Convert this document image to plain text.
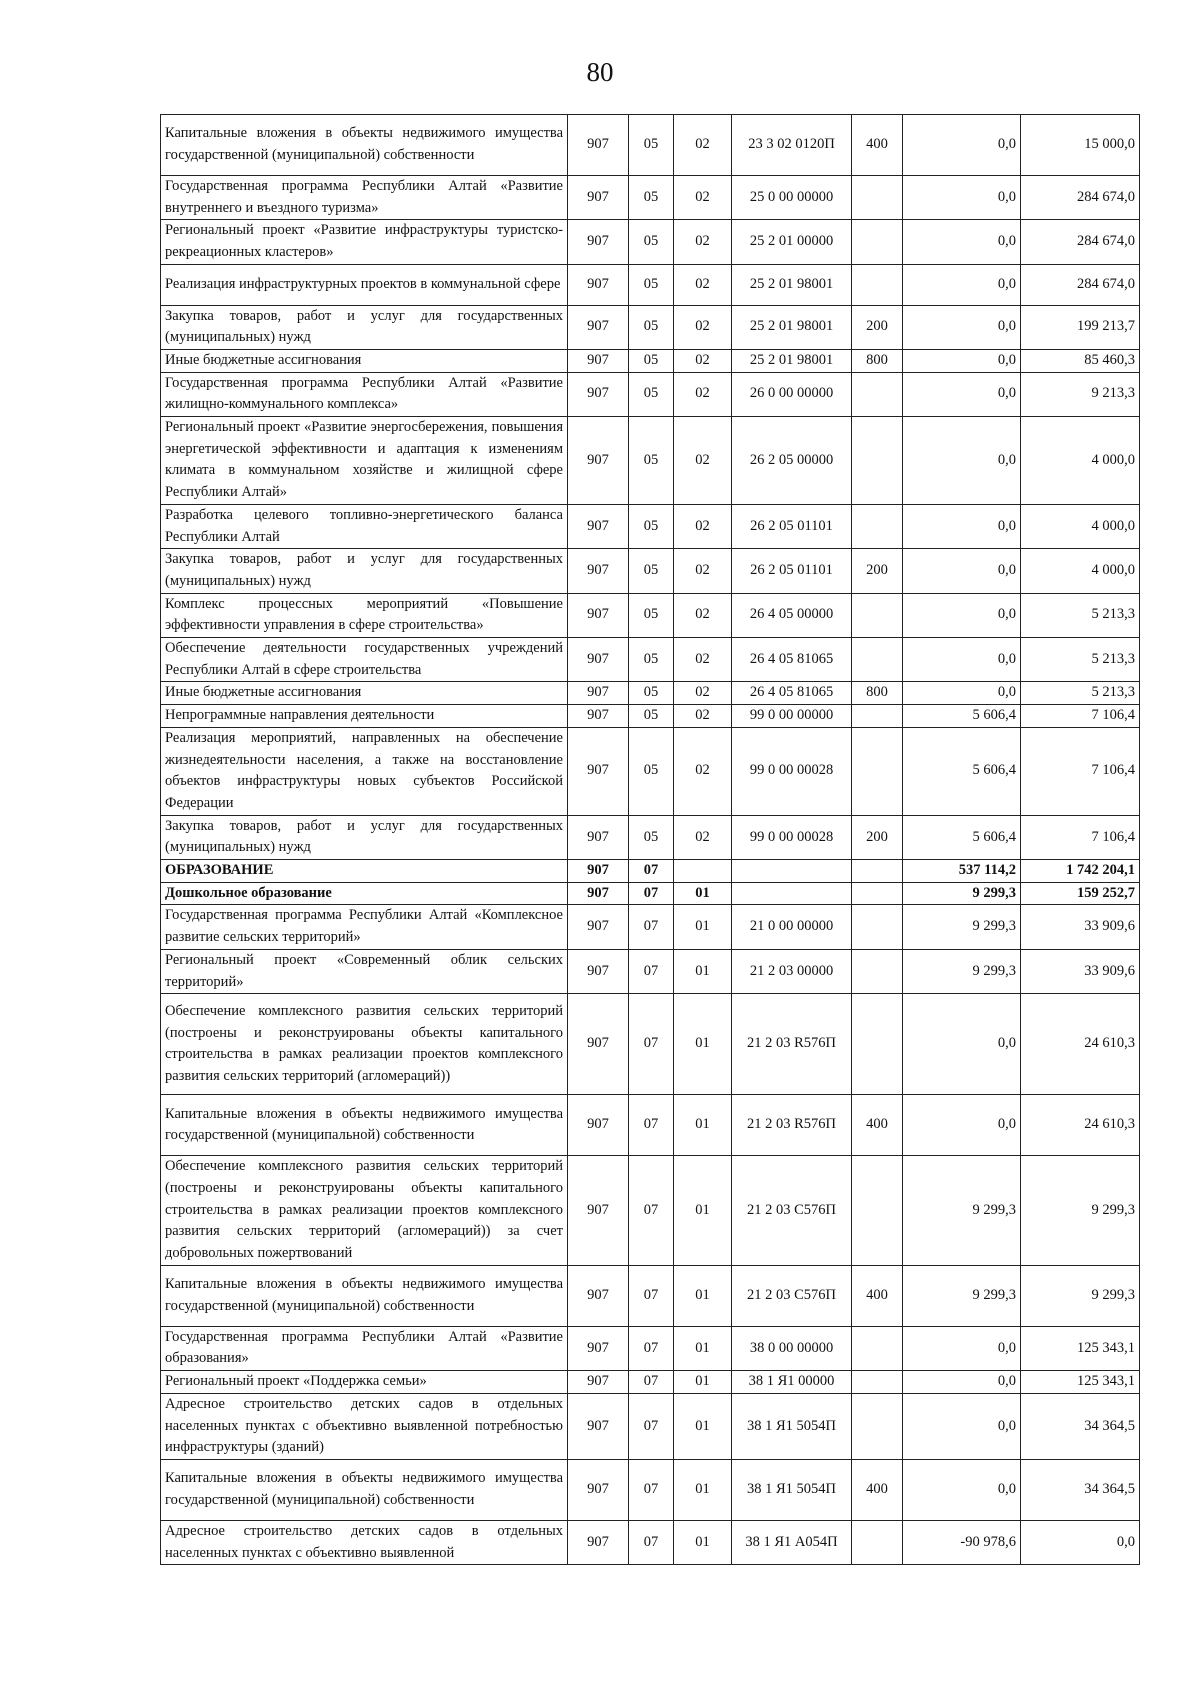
80
Капитальные вложения в объекты недвижимого имущества государственной (муниципальной) собственности	907	05	02	23 3 02 0120П	400	0,0	15 000,0
Государственная программа Республики Алтай «Развитие внутреннего и въездного туризма»	907	05	02	25 0 00 00000		0,0	284 674,0
Региональный проект «Развитие инфраструктуры туристско-рекреационных кластеров»	907	05	02	25 2 01 00000		0,0	284 674,0
Реализация инфраструктурных проектов в коммунальной сфере	907	05	02	25 2 01 98001		0,0	284 674,0
Закупка товаров, работ и услуг для государственных (муниципальных) нужд	907	05	02	25 2 01 98001	200	0,0	199 213,7
Иные бюджетные ассигнования	907	05	02	25 2 01 98001	800	0,0	85 460,3
Государственная программа Республики Алтай «Развитие жилищно-коммунального комплекса»	907	05	02	26 0 00 00000		0,0	9 213,3
Региональный проект «Развитие энергосбережения, повышения энергетической эффективности и адаптация к изменениям климата в коммунальном хозяйстве и жилищной сфере Республики Алтай»	907	05	02	26 2 05 00000		0,0	4 000,0
Разработка целевого топливно-энергетического баланса Республики Алтай	907	05	02	26 2 05 01101		0,0	4 000,0
Закупка товаров, работ и услуг для государственных (муниципальных) нужд	907	05	02	26 2 05 01101	200	0,0	4 000,0
Комплекс процессных мероприятий «Повышение эффективности управления в сфере строительства»	907	05	02	26 4 05 00000		0,0	5 213,3
Обеспечение деятельности государственных учреждений Республики Алтай в сфере строительства	907	05	02	26 4 05 81065		0,0	5 213,3
Иные бюджетные ассигнования	907	05	02	26 4 05 81065	800	0,0	5 213,3
Непрограммные направления деятельности	907	05	02	99 0 00 00000		5 606,4	7 106,4
Реализация мероприятий, направленных на обеспечение жизнедеятельности населения, а также на восстановление объектов инфраструктуры новых субъектов Российской Федерации	907	05	02	99 0 00 00028		5 606,4	7 106,4
Закупка товаров, работ и услуг для государственных (муниципальных) нужд	907	05	02	99 0 00 00028	200	5 606,4	7 106,4
ОБРАЗОВАНИЕ	907	07				537 114,2	1 742 204,1
Дошкольное образование	907	07	01			9 299,3	159 252,7
Государственная программа Республики Алтай «Комплексное развитие сельских территорий»	907	07	01	21 0 00 00000		9 299,3	33 909,6
Региональный проект «Современный облик сельских территорий»	907	07	01	21 2 03 00000		9 299,3	33 909,6
Обеспечение комплексного развития сельских территорий (построены и реконструированы объекты капитального строительства в рамках реализации проектов комплексного развития сельских территорий (агломераций))	907	07	01	21 2 03 R576П		0,0	24 610,3
Капитальные вложения в объекты недвижимого имущества государственной (муниципальной) собственности	907	07	01	21 2 03 R576П	400	0,0	24 610,3
Обеспечение комплексного развития сельских территорий (построены и реконструированы объекты капитального строительства в рамках реализации проектов комплексного развития сельских территорий (агломераций)) за счет добровольных пожертвований	907	07	01	21 2 03 C576П		9 299,3	9 299,3
Капитальные вложения в объекты недвижимого имущества государственной (муниципальной) собственности	907	07	01	21 2 03 C576П	400	9 299,3	9 299,3
Государственная программа Республики Алтай «Развитие образования»	907	07	01	38 0 00 00000		0,0	125 343,1
Региональный проект «Поддержка семьи»	907	07	01	38 1 Я1 00000		0,0	125 343,1
Адресное строительство детских садов в отдельных населенных пунктах с объективно выявленной потребностью инфраструктуры (зданий)	907	07	01	38 1 Я1 5054П		0,0	34 364,5
Капитальные вложения в объекты недвижимого имущества государственной (муниципальной) собственности	907	07	01	38 1 Я1 5054П	400	0,0	34 364,5
Адресное строительство детских садов в отдельных населенных пунктах с объективно выявленной	907	07	01	38 1 Я1 А054П		-90 978,6	0,0
